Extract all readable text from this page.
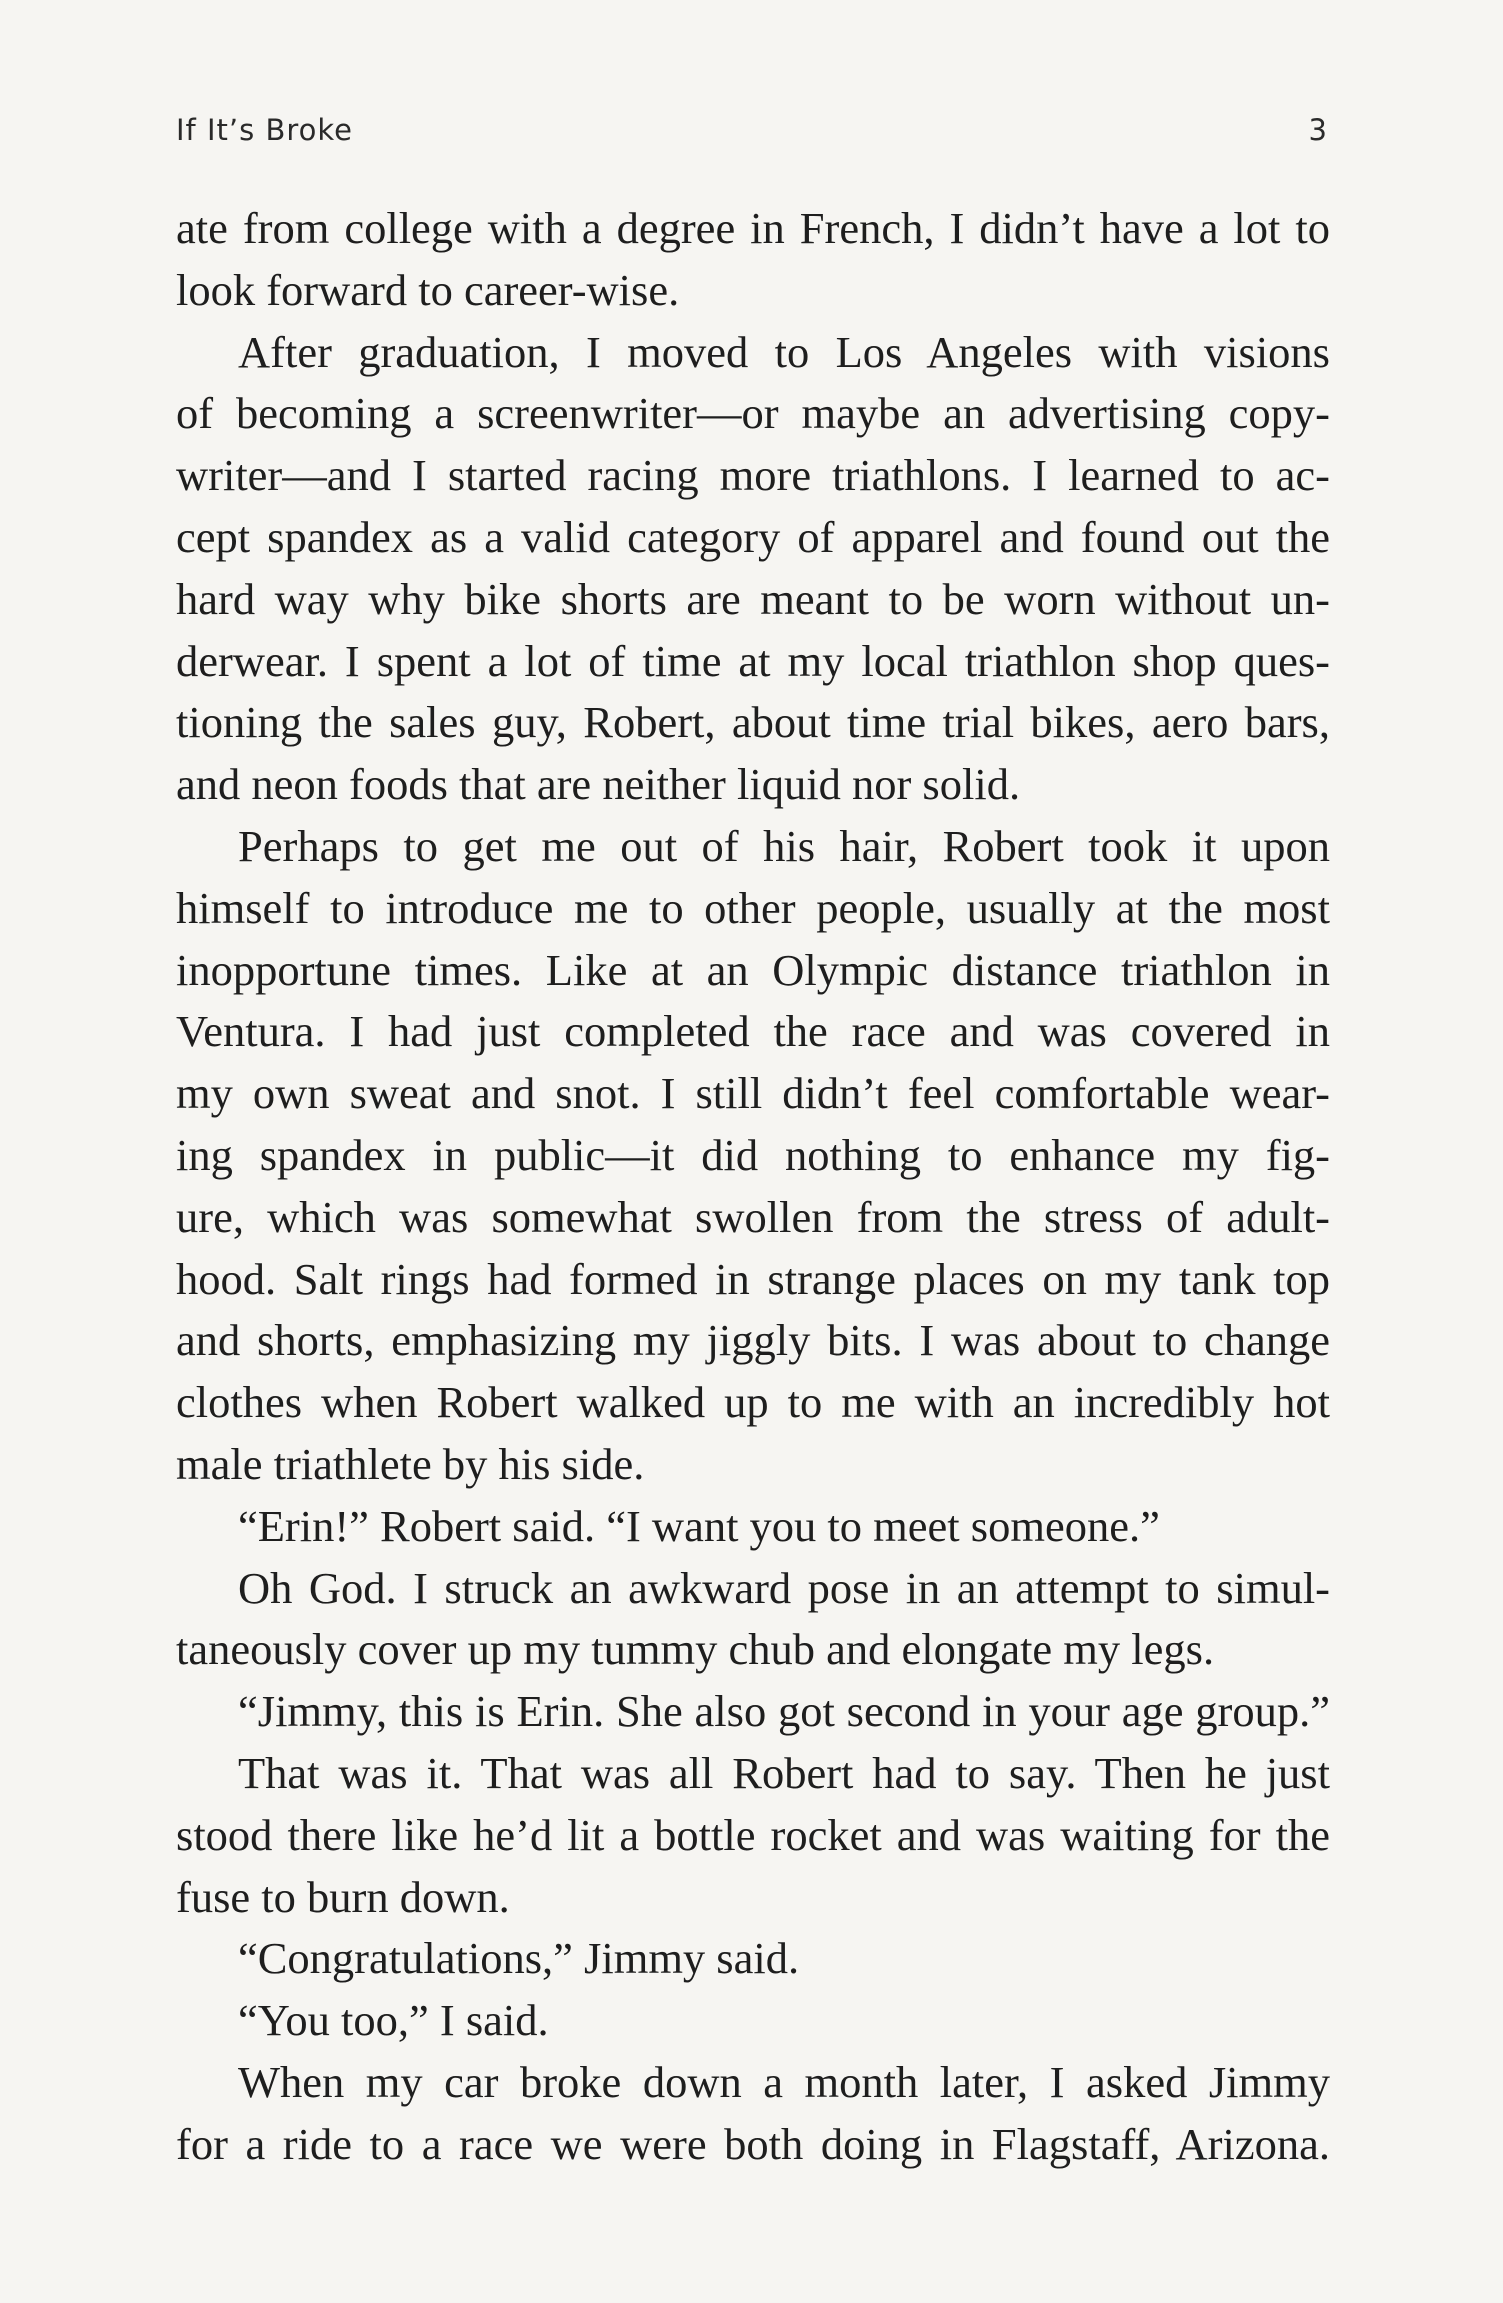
If It’s Broke	3
ate from college with a degree in French, I didn’t have a lot to
look forward to career-wise.
After graduation, I moved to Los Angeles with visions
of becoming a screenwriter—or maybe an advertising copy-
writer—and I started racing more triathlons. I learned to ac-
cept spandex as a valid category of apparel and found out the
hard way why bike shorts are meant to be worn without un-
derwear. I spent a lot of time at my local triathlon shop ques-
tioning the sales guy, Robert, about time trial bikes, aero bars,
and neon foods that are neither liquid nor solid.
Perhaps to get me out of his hair, Robert took it upon
himself to introduce me to other people, usually at the most
inopportune times. Like at an Olympic distance triathlon in
Ventura. I had just completed the race and was covered in
my own sweat and snot. I still didn’t feel comfortable wear-
ing spandex in public—it did nothing to enhance my fig-
ure, which was somewhat swollen from the stress of adult-
hood. Salt rings had formed in strange places on my tank top
and shorts, emphasizing my jiggly bits. I was about to change
clothes when Robert walked up to me with an incredibly hot
male triathlete by his side.
“Erin!” Robert said. “I want you to meet someone.”
Oh God. I struck an awkward pose in an attempt to simul-
taneously cover up my tummy chub and elongate my legs.
“Jimmy, this is Erin. She also got second in your age group.”
That was it. That was all Robert had to say. Then he just
stood there like he’d lit a bottle rocket and was waiting for the
fuse to burn down.
“Congratulations,” Jimmy said.
“You too,” I said.
When my car broke down a month later, I asked Jimmy
for a ride to a race we were both doing in Flagstaff, Arizona.
